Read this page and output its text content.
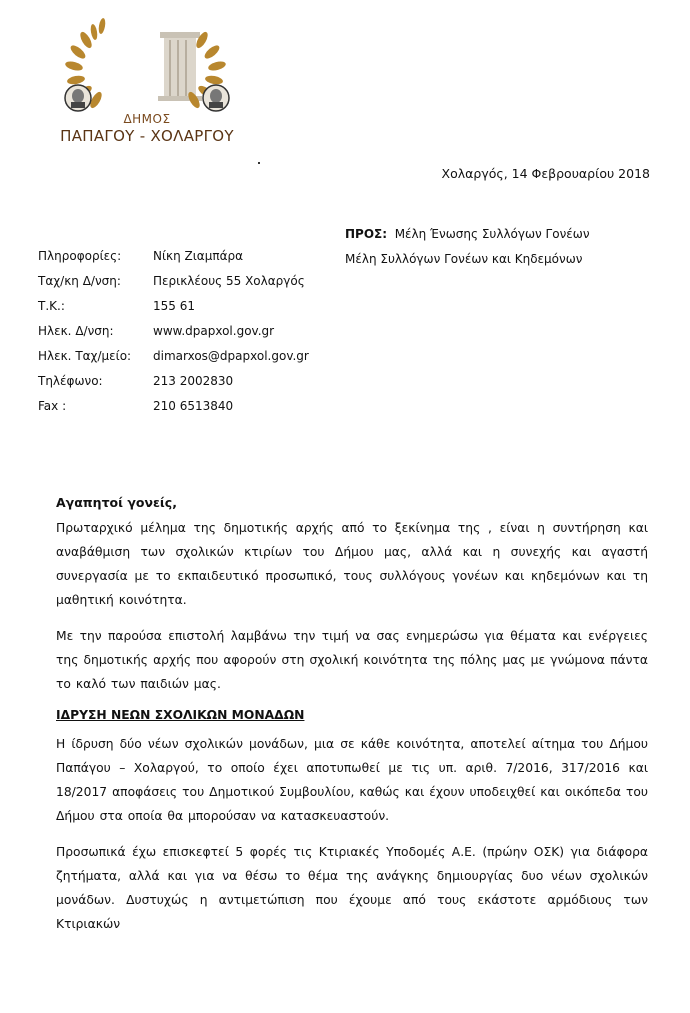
ΔΗΜΟΣ
ΠΑΠΑΓΟΥ - ΧΟΛΑΡΓΟΥ
Χολαργός, 14 Φεβρουαρίου 2018
ΠΡΟΣ: Μέλη Ένωσης Συλλόγων Γονέων
Μέλη Συλλόγων Γονέων και Κηδεμόνων
Πληροφορίες:	Νίκη Ζιαμπάρα
Ταχ/κη Δ/νση:	Περικλέους 55 Χολαργός
Τ.Κ.:	155 61
Ηλεκ. Δ/νση:	www.dpapxol.gov.gr
Ηλεκ. Ταχ/μείο:	dimarxos@dpapxol.gov.gr
Τηλέφωνο:	213 2002830
Fax :	210 6513840

Αγαπητοί γονείς,

Πρωταρχικό μέλημα της δημοτικής αρχής από το ξεκίνημα της , είναι η συντήρηση και αναβάθμιση των σχολικών κτιρίων του Δήμου μας, αλλά και η συνεχής και αγαστή συνεργασία με το εκπαιδευτικό προσωπικό, τους συλλόγους γονέων και κηδεμόνων και τη μαθητική κοινότητα.

Με την παρούσα επιστολή λαμβάνω την τιμή να σας ενημερώσω για θέματα και ενέργειες της δημοτικής αρχής που αφορούν στη σχολική κοινότητα της πόλης μας με γνώμονα πάντα το καλό των παιδιών μας.

ΙΔΡΥΣΗ ΝΕΩΝ ΣΧΟΛΙΚΩΝ ΜΟΝΑΔΩΝ

Η ίδρυση δύο νέων σχολικών μονάδων, μια σε κάθε κοινότητα, αποτελεί αίτημα του Δήμου Παπάγου – Χολαργού, το οποίο έχει αποτυπωθεί με τις υπ. αριθ. 7/2016, 317/2016 και 18/2017 αποφάσεις του Δημοτικού Συμβουλίου, καθώς και έχουν υποδειχθεί και οικόπεδα του Δήμου στα οποία θα μπορούσαν να κατασκευαστούν.

Προσωπικά έχω επισκεφτεί 5 φορές τις Κτιριακές Υποδομές Α.Ε. (πρώην ΟΣΚ) για διάφορα ζητήματα, αλλά και για να θέσω το θέμα της ανάγκης δημιουργίας δυο νέων σχολικών μονάδων. Δυστυχώς η αντιμετώπιση που έχουμε από τους εκάστοτε αρμόδιους των Κτιριακών
